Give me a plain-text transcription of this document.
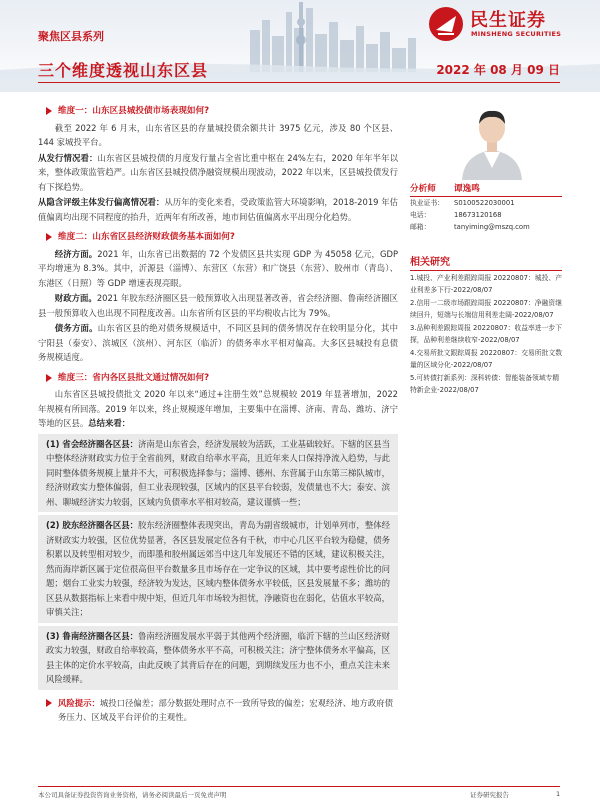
聚焦区县系列
三个维度透视山东区县	2022 年 08 月 09 日
民生证券
MINSHENG SECURITIES
维度一：山东区县城投债市场表现如何?
截至 2022 年 6 月末，山东省区县的存量城投债余额共计 3975 亿元，涉及 80 个区县、144 家城投平台。
从发行情况看：山东省区县城投债的月度发行量占全省比重中枢在 24%左右，2020 年年半年以来，整体政策监管趋严。山东省区县城投债净融资规模出现波动，2022 年以来，区县城投债发行有下探趋势。
从隐含评级主体发行偏离情况看：从历年的变化来看，受政策监管大环境影响，2018-2019 年估值偏离均出现不同程度的抬升，近两年有所改善，地市间估值偏离水平出现分化趋势。
维度二：山东省区县经济财政债务基本面如何?
经济方面。2021 年，山东省已出数据的 72 个发债区县共实现 GDP 为 45058 亿元，GDP 平均增速为 8.3%。其中，沂源县（淄博）、东营区（东营）和广饶县（东营）、胶州市（青岛）、东港区（日照）等 GDP 增速表现亮眼。
财政方面。2021 年胶东经济圈区县一般预算收入出现显著改善，省会经济圈、鲁南经济圈区县一般预算收入也出现不同程度改善。山东省所有区县的平均税收占比为 79%。
债务方面。山东省区县的绝对债务规模适中，不同区县间的债务情况存在较明显分化，其中宁阳县（泰安）、滨城区（滨州）、河东区（临沂）的债务率水平相对偏高。大多区县城投有息债务规模适度。
维度三：省内各区县批文通过情况如何?
山东省区县城投债批文 2020 年以来“通过+注册生效”总规模较 2019 年显著增加，2022 年规模有所回落。2019 年以来，终止规模逐年增加，主要集中在淄博、济南、青岛、潍坊、济宁等地的区县。总结来看：
(1) 省会经济圈各区县：济南是山东省会，经济发展较为活跃，工业基础较好。下辖的区县当中整体经济财政实力位于全省前列，财政自给率水平高，且近年来人口保持净流入趋势，与此同时整体债务规模上量并不大，可积极选择参与；淄博、德州、东营属于山东第三梯队城市，经济财政实力整体偏弱，但工业表现较强，区域内的区县平台较弱，发债量也不大；泰安、滨州、聊城经济实力较弱，区域内负债率水平相对较高，建议谨慎一些；
(2) 胶东经济圈各区县：胶东经济圈整体表现突出，青岛为副省级城市，计划单列市，整体经济财政实力较强，区位优势显著，各区县发展定位各有千秋，市中心几区平台较为稳健，债务积累以及转型相对较少，而即墨和胶州属远郊当中这几年发展还不错的区域，建议积极关注，然而海岸新区属于定位很高但平台数量多且市场存在一定争议的区域，其中要考虑性价比的问题；烟台工业实力较强，经济较为发达，区域内整体债务水平较低，区县发展量不多；潍坊的区县从数据指标上来看中规中矩，但近几年市场较为担忧，净融资也在弱化，估值水平较高，审慎关注；
(3) 鲁南经济圈各区县：鲁南经济圈发展水平弱于其他两个经济圈，临沂下辖的兰山区经济财政实力较强，财政自给率较高，整体债务水平不高，可积极关注；济宁整体债务水平偏高，区县主体的定价水平较高，由此反映了其背后存在的问题，到期续发压力也不小，重点关注未来风险缓释。
风险提示：城投口径偏差；部分数据处理时点不一致所导致的偏差；宏观经济、地方政府债务压力、区域及平台评价的主观性。
分析师	谭逸鸣
执业证书：	S0100522030001
电话：	18673120168
邮箱：	tanyiming@mszq.com
相关研究
1.城投、产业利差跟踪周报 20220807：城投、产业利差多下行-2022/08/07
2.信用一二级市场跟踪周报 20220807：净融资继续回升，短端与长端信用利差走阔-2022/08/07
3.品种利差跟踪周报 20220807：收益率进一步下探，品种利差继续收窄-2022/08/07
4.交易所批文跟踪周报 20220807：交易所批文数量的区域分化-2022/08/07
5.可转债打新系列：深科转债：智能装备领域专精特新企业-2022/08/07
本公司具备证券投资咨询业务资格，请务必阅读最后一页免责声明	证券研究报告	1
